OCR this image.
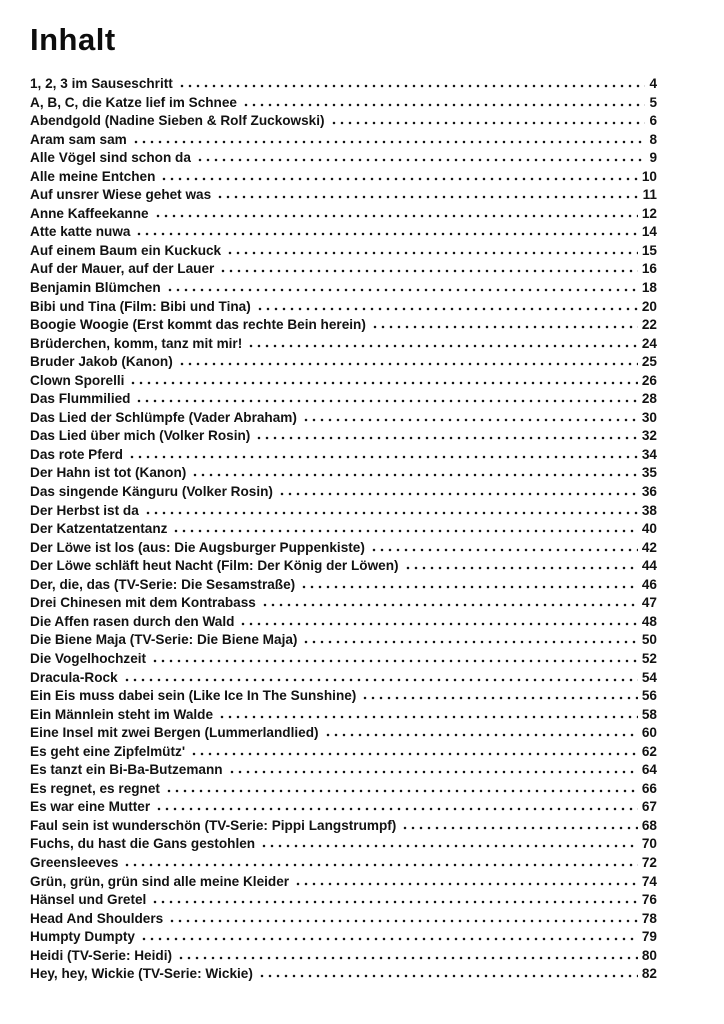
Inhalt
1, 2, 3 im Sauseschritt	4
A, B, C, die Katze lief im Schnee	5
Abendgold (Nadine Sieben & Rolf Zuckowski)	6
Aram sam sam	8
Alle Vögel sind schon da	9
Alle meine Entchen	10
Auf unsrer Wiese gehet was	11
Anne Kaffeekanne	12
Atte katte nuwa	14
Auf einem Baum ein Kuckuck	15
Auf der Mauer, auf der Lauer	16
Benjamin Blümchen	18
Bibi und Tina (Film: Bibi und Tina)	20
Boogie Woogie (Erst kommt das rechte Bein herein)	22
Brüderchen, komm, tanz mit mir!	24
Bruder Jakob (Kanon)	25
Clown Sporelli	26
Das Flummilied	28
Das Lied der Schlümpfe (Vader Abraham)	30
Das Lied über mich (Volker Rosin)	32
Das rote Pferd	34
Der Hahn ist tot (Kanon)	35
Das singende Känguru (Volker Rosin)	36
Der Herbst ist da	38
Der Katzentatzentanz	40
Der Löwe ist los (aus: Die Augsburger Puppenkiste)	42
Der Löwe schläft heut Nacht (Film: Der König der Löwen)	44
Der, die, das (TV-Serie: Die Sesamstraße)	46
Drei Chinesen mit dem Kontrabass	47
Die Affen rasen durch den Wald	48
Die Biene Maja (TV-Serie: Die Biene Maja)	50
Die Vogelhochzeit	52
Dracula-Rock	54
Ein Eis muss dabei sein (Like Ice In The Sunshine)	56
Ein Männlein steht im Walde	58
Eine Insel mit zwei Bergen (Lummerlandlied)	60
Es geht eine Zipfelmütz'	62
Es tanzt ein Bi-Ba-Butzemann	64
Es regnet, es regnet	66
Es war eine Mutter	67
Faul sein ist wunderschön (TV-Serie: Pippi Langstrumpf)	68
Fuchs, du hast die Gans gestohlen	70
Greensleeves	72
Grün, grün, grün sind alle meine Kleider	74
Hänsel und Gretel	76
Head And Shoulders	78
Humpty Dumpty	79
Heidi (TV-Serie: Heidi)	80
Hey, hey, Wickie (TV-Serie: Wickie)	82
